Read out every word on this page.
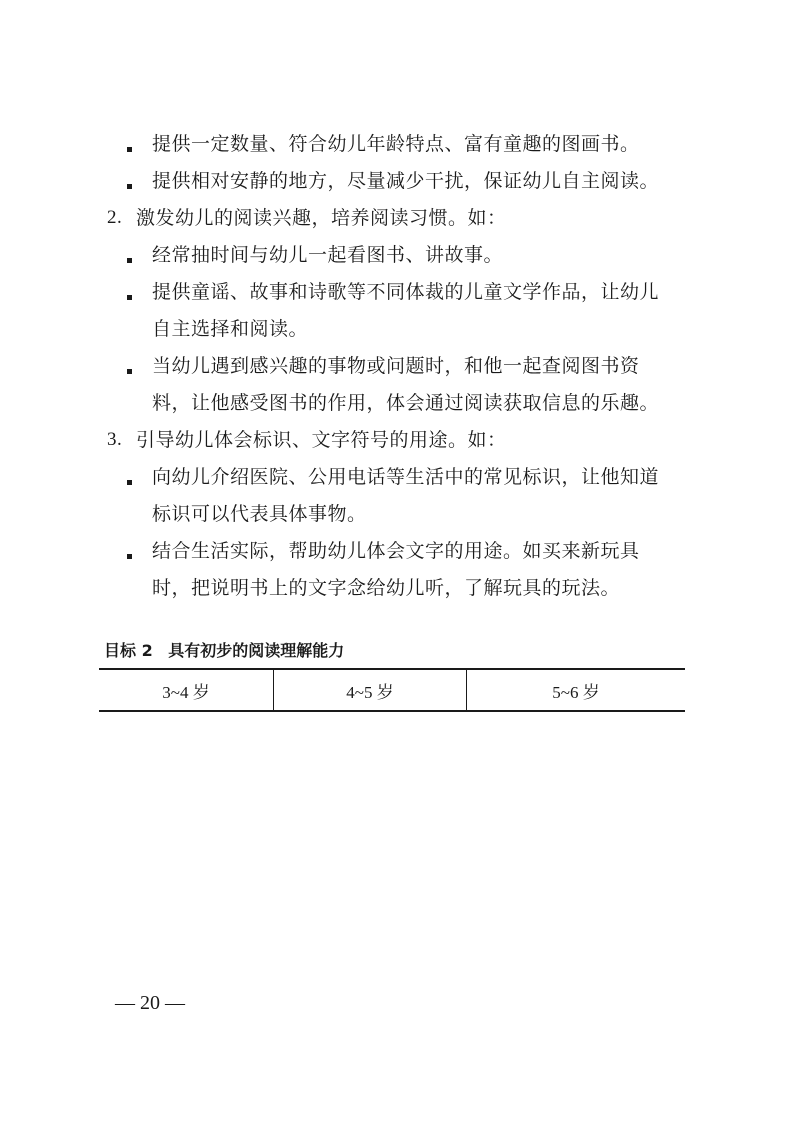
提供一定数量、符合幼儿年龄特点、富有童趣的图画书。
提供相对安静的地方，尽量减少干扰，保证幼儿自主阅读。
2. 激发幼儿的阅读兴趣，培养阅读习惯。如：
经常抽时间与幼儿一起看图书、讲故事。
提供童谣、故事和诗歌等不同体裁的儿童文学作品，让幼儿
自主选择和阅读。
当幼儿遇到感兴趣的事物或问题时，和他一起查阅图书资
料，让他感受图书的作用，体会通过阅读获取信息的乐趣。
3. 引导幼儿体会标识、文字符号的用途。如：
向幼儿介绍医院、公用电话等生活中的常见标识，让他知道
标识可以代表具体事物。
结合生活实际，帮助幼儿体会文字的用途。如买来新玩具
时，把说明书上的文字念给幼儿听，了解玩具的玩法。
目标 2 具有初步的阅读理解能力
3~4 岁	4~5 岁	5~6 岁
— 20 —
